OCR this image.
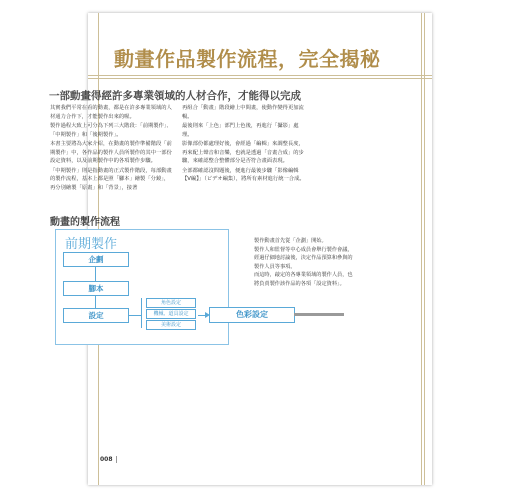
動畫作品製作流程，完全揭秘
一部動畫得經許多專業領域的人材合作，才能得以完成

其實我們平常在看的動畫，都是在許多專業領域的人材通力合作下，才能製作出來的喔。

製作過程大致上可分為下列三大階段：「前期製作」、「中期製作」和「後期製作」。

本書主要將為大家介紹，在動畫的製作準備階段「前期製作」中，各作品的製作人員所製作的其中一部份設定資料，以及前期製作中的各項製作步驟。

「中期製作」則是指動畫的正式製作階段，每部動畫的製作流程，基本上都是照「腳本」繪製「分鏡」，再分別繪製「原畫」和「背景」，接著

再組合「動畫」階段繪上中間畫，使動作變得更加流暢。

最後則來「上色」部門上色後，再進行「攝影」處理。

影像部份都處理好後，會經過「編輯」來調整長度，再來配上聲音和音樂，也就是透過「音畫合成」的步驟，來確認整合整體部分是否符合畫面表現。

全部都確認沒問題後，便進行最後步驟「影像編輯【V編】」（ビデオ編集），將所有素材進行統一合成。

動畫的製作流程
前期製作
企劃
腳本
設定
角色設定
機械、道具設定
美術設定
色彩設定

製作動畫首先從「企劃」開始。

製作人和監督等中心成員會舉行製作會議，經過仔細地討論後，決定作品預算和參與的製作人員等事項。

而這時，敲定的各專業領域的製作人員，也將負責製作該作品的各項「設定資料」。

008
